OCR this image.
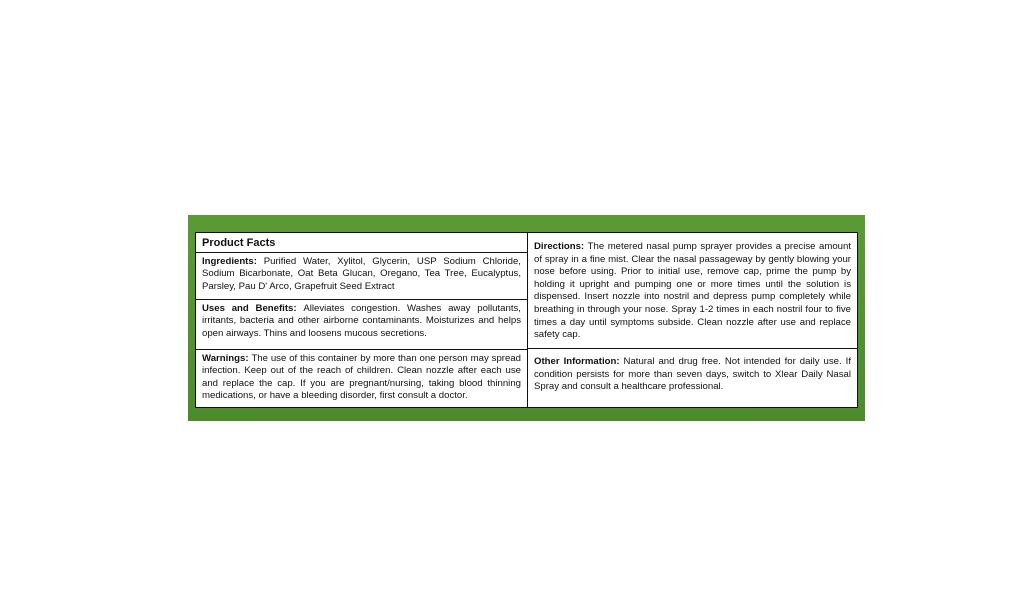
Product Facts
Ingredients: Purified Water, Xylitol, Glycerin, USP Sodium Chloride, Sodium Bicarbonate, Oat Beta Glucan, Oregano, Tea Tree, Eucalyptus, Parsley, Pau D' Arco, Grapefruit Seed Extract
Uses and Benefits: Alleviates congestion. Washes away pollutants, irritants, bacteria and other airborne contaminants. Moisturizes and helps open airways. Thins and loosens mucous secretions.
Warnings: The use of this container by more than one person may spread infection. Keep out of the reach of children. Clean nozzle after each use and replace the cap. If you are pregnant/nursing, taking blood thinning medications, or have a bleeding disorder, first consult a doctor.
Directions: The metered nasal pump sprayer provides a precise amount of spray in a fine mist. Clear the nasal passageway by gently blowing your nose before using. Prior to initial use, remove cap, prime the pump by holding it upright and pumping one or more times until the solution is dispensed. Insert nozzle into nostril and depress pump completely while breathing in through your nose. Spray 1-2 times in each nostril four to five times a day until symptoms subside. Clean nozzle after use and replace safety cap.
Other Information: Natural and drug free. Not intended for daily use. If condition persists for more than seven days, switch to Xlear Daily Nasal Spray and consult a healthcare professional.
